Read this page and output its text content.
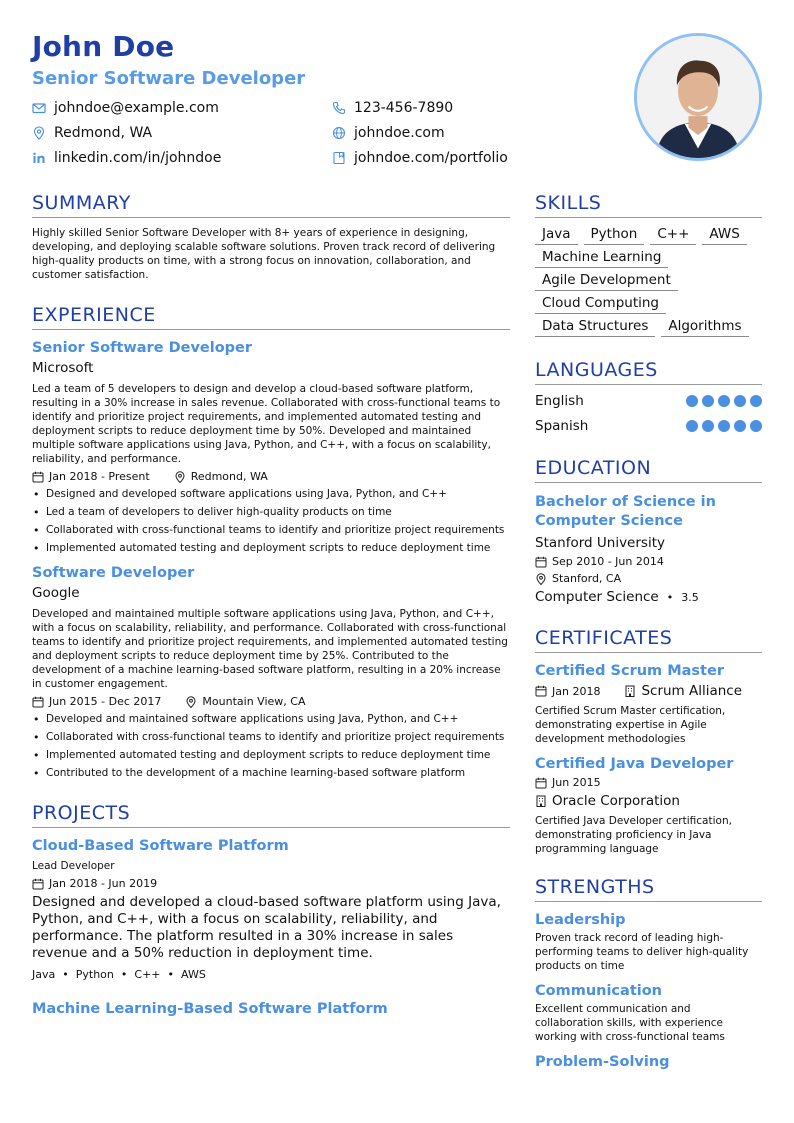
John Doe
Senior Software Developer
johndoe@example.com	123-456-7890
Redmond, WA	johndoe.com
linkedin.com/in/johndoe	johndoe.com/portfolio
SUMMARY
Highly skilled Senior Software Developer with 8+ years of experience in designing, developing, and deploying scalable software solutions. Proven track record of delivering high-quality products on time, with a strong focus on innovation, collaboration, and customer satisfaction.
EXPERIENCE
Senior Software Developer
Microsoft
Led a team of 5 developers to design and develop a cloud-based software platform, resulting in a 30% increase in sales revenue. Collaborated with cross-functional teams to identify and prioritize project requirements, and implemented automated testing and deployment scripts to reduce deployment time by 50%. Developed and maintained multiple software applications using Java, Python, and C++, with a focus on scalability, reliability, and performance.
Jan 2018 - Present	Redmond, WA
• Designed and developed software applications using Java, Python, and C++
• Led a team of developers to deliver high-quality products on time
• Collaborated with cross-functional teams to identify and prioritize project requirements
• Implemented automated testing and deployment scripts to reduce deployment time
Software Developer
Google
Developed and maintained multiple software applications using Java, Python, and C++, with a focus on scalability, reliability, and performance. Collaborated with cross-functional teams to identify and prioritize project requirements, and implemented automated testing and deployment scripts to reduce deployment time by 25%. Contributed to the development of a machine learning-based software platform, resulting in a 20% increase in customer engagement.
Jun 2015 - Dec 2017	Mountain View, CA
• Developed and maintained software applications using Java, Python, and C++
• Collaborated with cross-functional teams to identify and prioritize project requirements
• Implemented automated testing and deployment scripts to reduce deployment time
• Contributed to the development of a machine learning-based software platform
PROJECTS
Cloud-Based Software Platform
Lead Developer
Jan 2018 - Jun 2019
Designed and developed a cloud-based software platform using Java, Python, and C++, with a focus on scalability, reliability, and performance. The platform resulted in a 30% increase in sales revenue and a 50% reduction in deployment time.
Java • Python • C++ • AWS
Machine Learning-Based Software Platform
SKILLS
Java	Python	C++	AWS
Machine Learning
Agile Development
Cloud Computing
Data Structures	Algorithms
LANGUAGES
English
Spanish
EDUCATION
Bachelor of Science in Computer Science
Stanford University
Sep 2010 - Jun 2014
Stanford, CA
Computer Science • 3.5
CERTIFICATES
Certified Scrum Master
Jan 2018	Scrum Alliance
Certified Scrum Master certification, demonstrating expertise in Agile development methodologies
Certified Java Developer
Jun 2015
Oracle Corporation
Certified Java Developer certification, demonstrating proficiency in Java programming language
STRENGTHS
Leadership
Proven track record of leading high-performing teams to deliver high-quality products on time
Communication
Excellent communication and collaboration skills, with experience working with cross-functional teams
Problem-Solving
